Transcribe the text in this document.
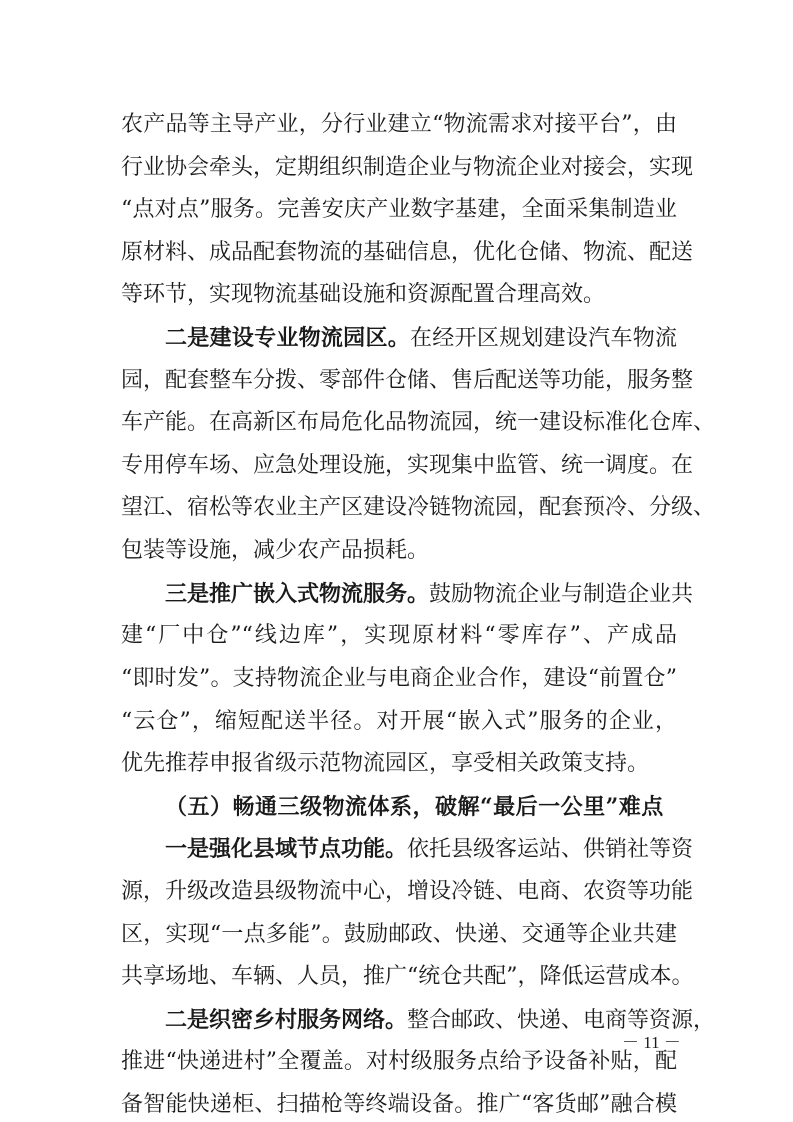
农产品等主导产业，分行业建立“物流需求对接平台”，由
行业协会牵头，定期组织制造企业与物流企业对接会，实现
“点对点”服务。完善安庆产业数字基建，全面采集制造业
原材料、成品配套物流的基础信息，优化仓储、物流、配送
等环节，实现物流基础设施和资源配置合理高效。
二是建设专业物流园区。在经开区规划建设汽车物流
园，配套整车分拨、零部件仓储、售后配送等功能，服务整
车产能。在高新区布局危化品物流园，统一建设标准化仓库、
专用停车场、应急处理设施，实现集中监管、统一调度。在
望江、宿松等农业主产区建设冷链物流园，配套预冷、分级、
包装等设施，减少农产品损耗。
三是推广嵌入式物流服务。鼓励物流企业与制造企业共
建“厂中仓”“线边库”，实现原材料“零库存”、产成品
“即时发”。支持物流企业与电商企业合作，建设“前置仓”
“云仓”，缩短配送半径。对开展“嵌入式”服务的企业，
优先推荐申报省级示范物流园区，享受相关政策支持。
（五）畅通三级物流体系，破解“最后一公里”难点
一是强化县域节点功能。依托县级客运站、供销社等资
源，升级改造县级物流中心，增设冷链、电商、农资等功能
区，实现“一点多能”。鼓励邮政、快递、交通等企业共建
共享场地、车辆、人员，推广“统仓共配”，降低运营成本。
二是织密乡村服务网络。整合邮政、快递、电商等资源，
推进“快递进村”全覆盖。对村级服务点给予设备补贴，配
备智能快递柜、扫描枪等终端设备。推广“客货邮”融合模
－ 11 －
